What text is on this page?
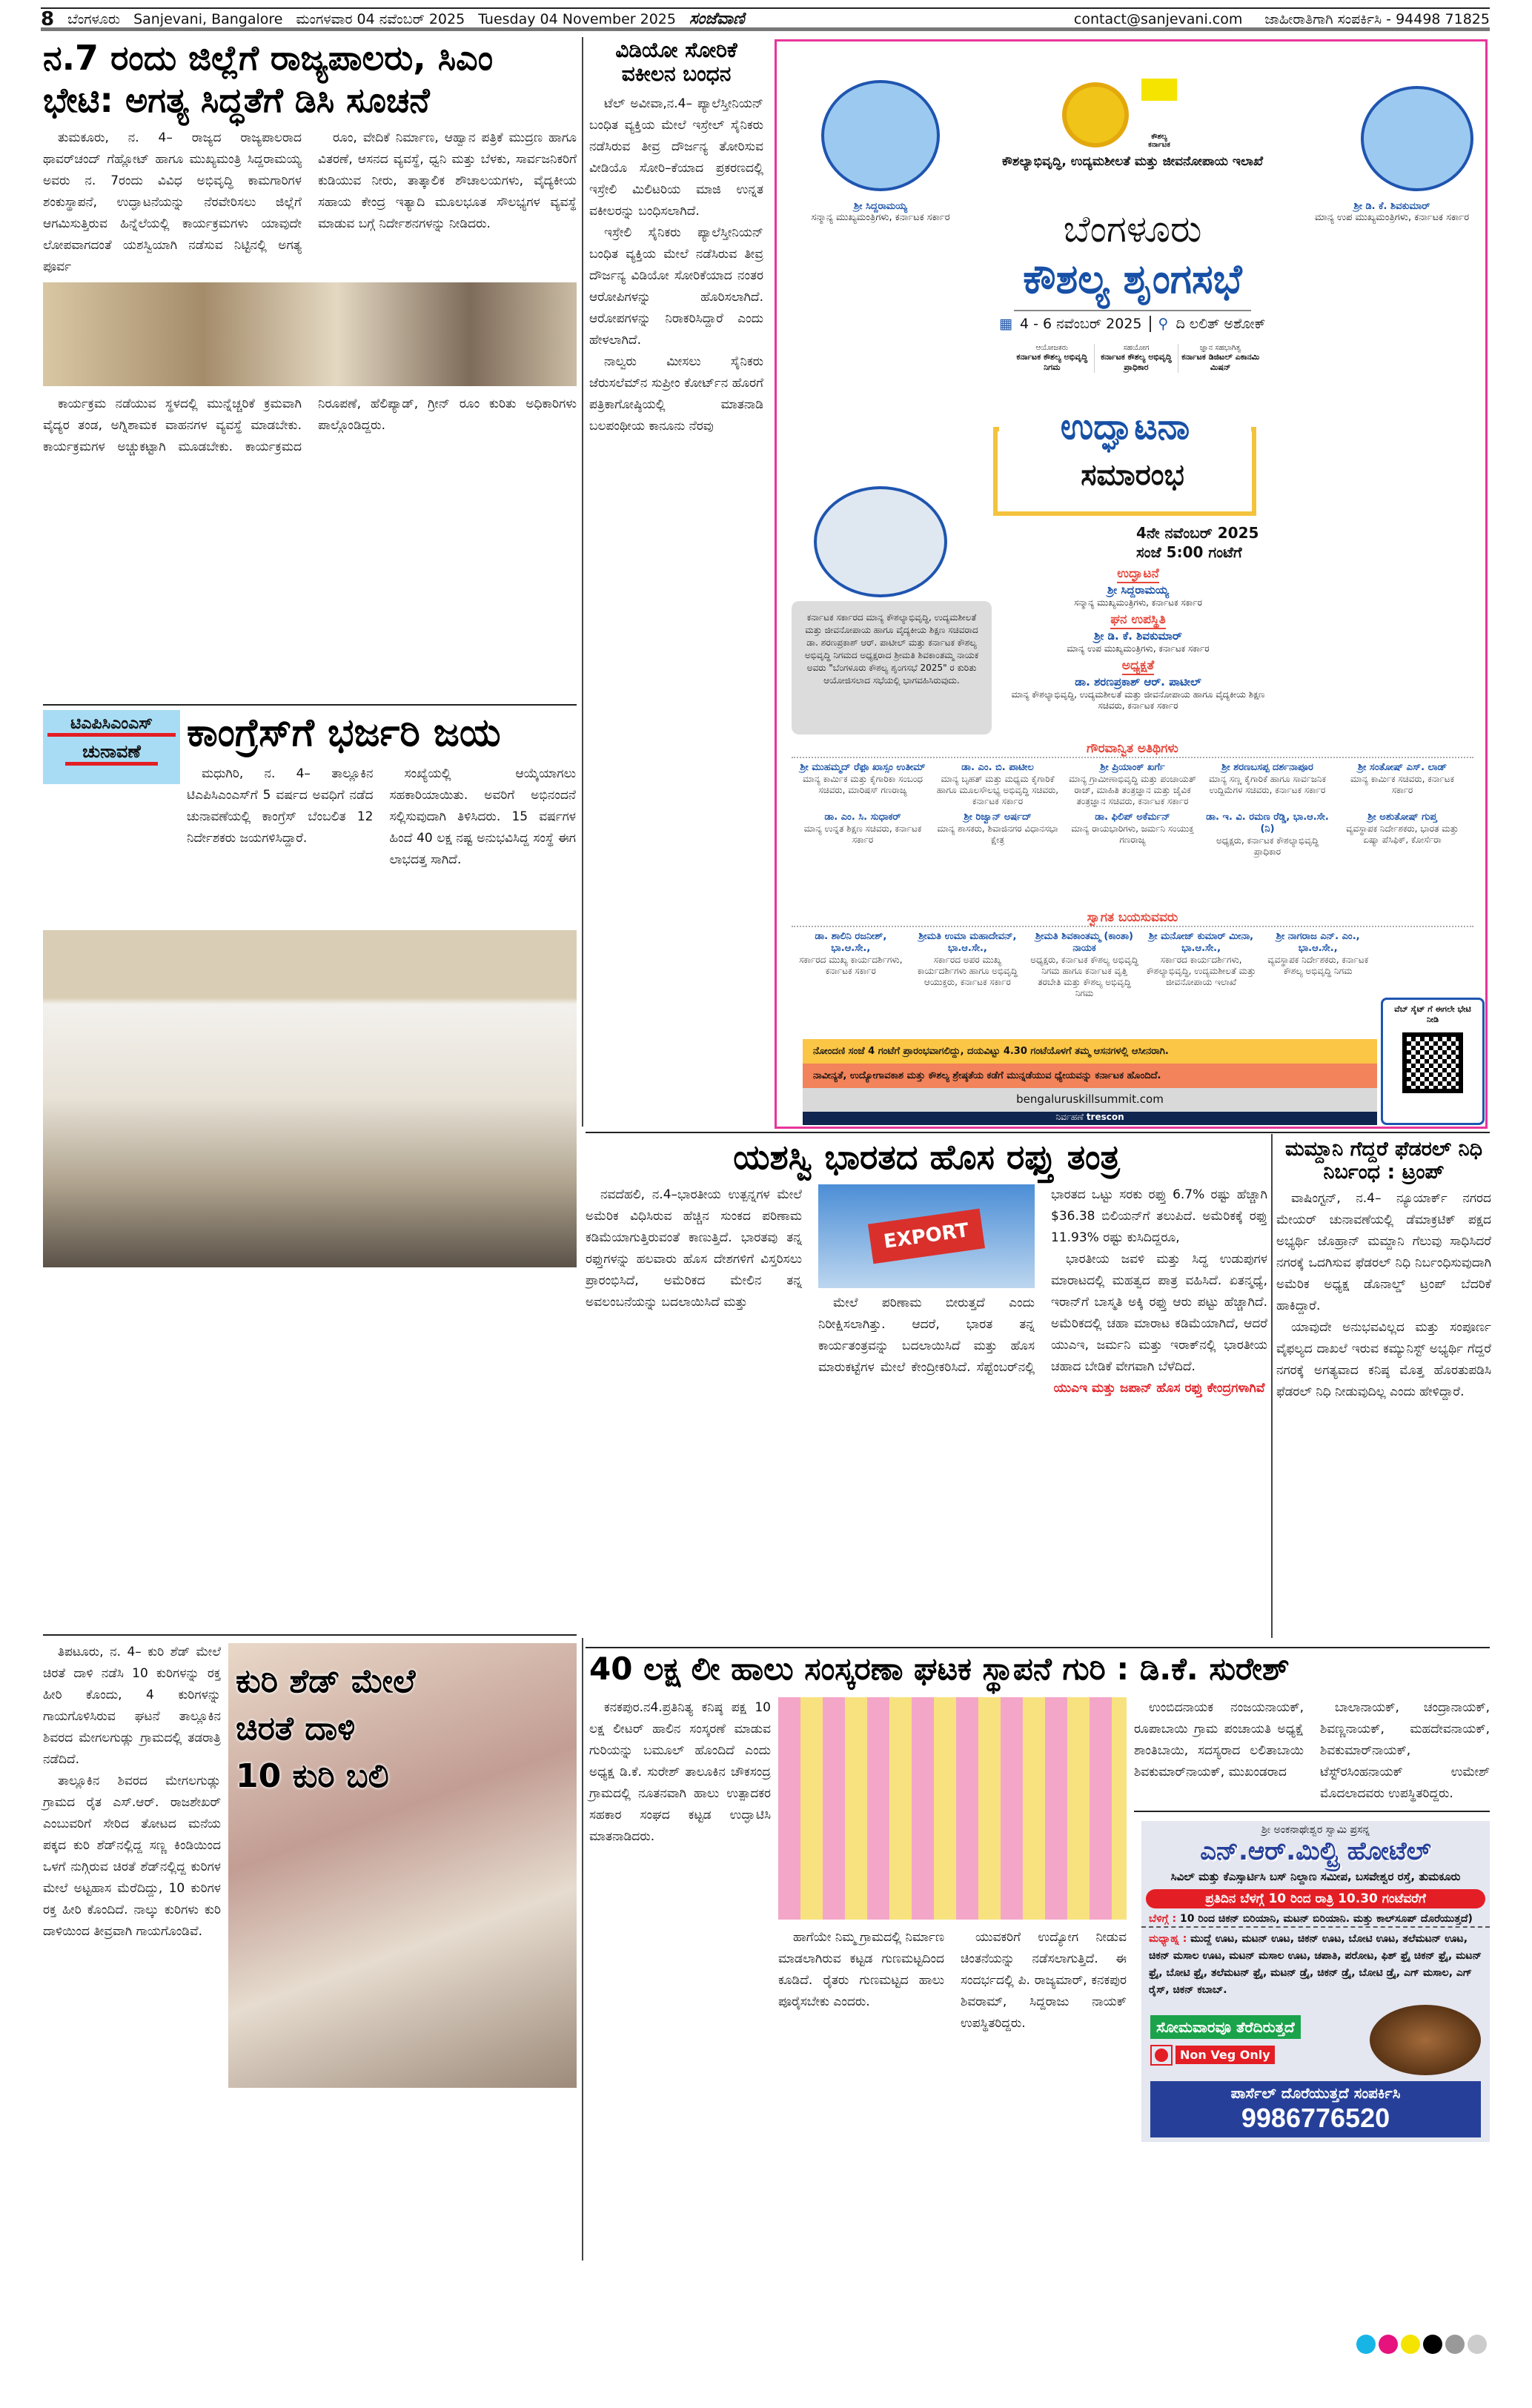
8 ಬೆಂಗಳೂರು Sanjevani, Bangalore ಮಂಗಳವಾರ 04 ನವೆಂಬರ್ 2025 Tuesday 04 November 2025 ಸಂಜೆವಾಣಿ	contact@sanjevani.com ಜಾಹೀರಾತಿಗಾಗಿ ಸಂಪರ್ಕಿಸಿ - 94498 71825
ನ.7 ರಂದು ಜಿಲ್ಲೆಗೆ ರಾಜ್ಯಪಾಲರು, ಸಿಎಂ
ಭೇಟಿ: ಅಗತ್ಯ ಸಿದ್ಧತೆಗೆ ಡಿಸಿ ಸೂಚನೆ

ತುಮಕೂರು, ನ. 4– ರಾಜ್ಯದ ರಾಜ್ಯಪಾಲರಾದ ಥಾವರ್‌ಚಂದ್ ಗೆಹ್ಲೋಟ್ ಹಾಗೂ ಮುಖ್ಯಮಂತ್ರಿ ಸಿದ್ದರಾಮಯ್ಯ ಅವರು ನ. 7ರಂದು ವಿವಿಧ ಅಭಿವೃದ್ಧಿ ಕಾಮಗಾರಿಗಳ ಶಂಕುಸ್ಥಾಪನೆ, ಉದ್ಘಾಟನೆಯನ್ನು ನೆರವೇರಿಸಲು ಜಿಲ್ಲೆಗೆ ಆಗಮಿಸುತ್ತಿರುವ ಹಿನ್ನೆಲೆಯಲ್ಲಿ ಕಾರ್ಯಕ್ರಮಗಳು ಯಾವುದೇ ಲೋಪವಾಗದಂತೆ ಯಶಸ್ವಿಯಾಗಿ ನಡೆಸುವ ನಿಟ್ಟಿನಲ್ಲಿ ಅಗತ್ಯ ಪೂರ್ವ

ರೂಂ, ವೇದಿಕೆ ನಿರ್ಮಾಣ, ಆಹ್ವಾನ ಪತ್ರಿಕೆ ಮುದ್ರಣ ಹಾಗೂ ವಿತರಣೆ, ಆಸನದ ವ್ಯವಸ್ಥೆ, ಧ್ವನಿ ಮತ್ತು ಬೆಳಕು, ಸಾರ್ವಜನಿಕರಿಗೆ ಕುಡಿಯುವ ನೀರು, ತಾತ್ಕಾಲಿಕ ಶೌಚಾಲಯಗಳು, ವೈದ್ಯಕೀಯ ಸಹಾಯ ಕೇಂದ್ರ ಇತ್ಯಾದಿ ಮೂಲಭೂತ ಸೌಲಭ್ಯಗಳ ವ್ಯವಸ್ಥೆ ಮಾಡುವ ಬಗ್ಗೆ ನಿರ್ದೇಶನಗಳನ್ನು ನೀಡಿದರು.

ಕಾರ್ಯಕ್ರಮ ನಡೆಯುವ ಸ್ಥಳದಲ್ಲಿ ಮುನ್ನೆಚ್ಚರಿಕೆ ಕ್ರಮವಾಗಿ ವೈದ್ಯರ ತಂಡ, ಅಗ್ನಿಶಾಮಕ ವಾಹನಗಳ ವ್ಯವಸ್ಥೆ ಮಾಡಬೇಕು. ಕಾರ್ಯಕ್ರಮಗಳ ಅಚ್ಚುಕಟ್ಟಾಗಿ ಮೂಡಬೇಕು. ಕಾರ್ಯಕ್ರಮದ ನಿರೂಪಣೆ, ಹೆಲಿಪ್ಯಾಡ್, ಗ್ರೀನ್ ರೂಂ ಕುರಿತು ಅಧಿಕಾರಿಗಳು ಪಾಲ್ಗೊಂಡಿದ್ದರು.

ವಿಡಿಯೋ ಸೋರಿಕೆ ವಕೀಲನ ಬಂಧನ

ಟೆಲ್ ಅವೀವಾ,ನ.4– ಪ್ಯಾಲೆಸ್ತೀನಿಯನ್ ಬಂಧಿತ ವ್ಯಕ್ತಿಯ ಮೇಲೆ ಇಸ್ರೇಲ್ ಸೈನಿಕರು ನಡೆಸಿರುವ ತೀವ್ರ ದೌರ್ಜನ್ಯ ತೋರಿಸುವ ವೀಡಿಯೊ ಸೋರಿ–ಕೆಯಾದ ಪ್ರಕರಣದಲ್ಲಿ ಇಸ್ರೇಲಿ ಮಿಲಿಟರಿಯ ಮಾಜಿ ಉನ್ನತ ವಕೀಲರನ್ನು ಬಂಧಿಸಲಾಗಿದೆ.

ಇಸ್ರೇಲಿ ಸೈನಿಕರು ಪ್ಯಾಲೆಸ್ತೀನಿಯನ್ ಬಂಧಿತ ವ್ಯಕ್ತಿಯ ಮೇಲೆ ನಡೆಸಿರುವ ತೀವ್ರ ದೌರ್ಜನ್ಯ ವಿಡಿಯೋ ಸೋರಿಕೆಯಾದ ನಂತರ ಆರೋಪಿಗಳನ್ನು ಹೊರಿಸಲಾಗಿದೆ. ಆರೋಪಗಳನ್ನು ನಿರಾಕರಿಸಿದ್ದಾರೆ ಎಂದು ಹೇಳಲಾಗಿದೆ.

ನಾಲ್ವರು ಮೀಸಲು ಸೈನಿಕರು ಜೆರುಸಲೆಮ್‌ನ ಸುಪ್ರೀಂ ಕೋರ್ಟ್‌ನ ಹೊರಗೆ ಪತ್ರಿಕಾಗೋಷ್ಠಿಯಲ್ಲಿ ಮಾತನಾಡಿ ಬಲಪಂಥೀಯ ಕಾನೂನು ನೆರವು

ಶ್ರೀ ಸಿದ್ದರಾಮಯ್ಯ
ಸನ್ಮಾನ್ಯ ಮುಖ್ಯಮಂತ್ರಿಗಳು, ಕರ್ನಾಟಕ ಸರ್ಕಾರ
ಶ್ರೀ ಡಿ. ಕೆ. ಶಿವಕುಮಾರ್
ಮಾನ್ಯ ಉಪ ಮುಖ್ಯಮಂತ್ರಿಗಳು, ಕರ್ನಾಟಕ ಸರ್ಕಾರ
ಕೌಶಲ್ಯ ಕರ್ನಾಟಕ
ಕೌಶಲ್ಯಾಭಿವೃದ್ಧಿ, ಉದ್ಯಮಶೀಲತೆ ಮತ್ತು ಜೀವನೋಪಾಯ ಇಲಾಖೆ
ಬೆಂಗಳೂರು
ಕೌಶಲ್ಯ ಶೃಂಗಸಭೆ
▦ 4 - 6 ನವೆಂಬರ್ 2025 ⚲ ದಿ ಲಲಿತ್ ಅಶೋಕ್
ಆಯೋಜಕರು
ಕರ್ನಾಟಕ ಕೌಶಲ್ಯ ಅಭಿವೃದ್ಧಿ ನಿಗಮ
ಸಹಯೋಗ
ಕರ್ನಾಟಕ ಕೌಶಲ್ಯ ಅಭಿವೃದ್ಧಿ ಪ್ರಾಧಿಕಾರ
ಜ್ಞಾನ ಸಹಭಾಗಿತ್ವ
ಕರ್ನಾಟಕ ಡಿಜಿಟಲ್ ಎಕಾನಮಿ ಮಿಷನ್
ಉದ್ಘಾಟನಾ
ಸಮಾರಂಭ
4ನೇ ನವೆಂಬರ್ 2025
ಸಂಜೆ 5:00 ಗಂಟೆಗೆ
ಕರ್ನಾಟಕ ಸರ್ಕಾರದ ಮಾನ್ಯ ಕೌಶಲ್ಯಾಭಿವೃದ್ಧಿ, ಉದ್ಯಮಶೀಲತೆ ಮತ್ತು ಜೀವನೋಪಾಯ ಹಾಗೂ ವೈದ್ಯಕೀಯ ಶಿಕ್ಷಣ ಸಚಿವರಾದ ಡಾ. ಶರಣಪ್ರಕಾಶ್ ಆರ್. ಪಾಟೀಲ್ ಮತ್ತು ಕರ್ನಾಟಕ ಕೌಶಲ್ಯ ಅಭಿವೃದ್ಧಿ ನಿಗಮದ ಅಧ್ಯಕ್ಷರಾದ ಶ್ರೀಮತಿ ಶಿವಕಾಂತಮ್ಮ ನಾಯಕ ಅವರು "ಬೆಂಗಳೂರು ಕೌಶಲ್ಯ ಶೃಂಗಸಭೆ 2025" ರ ಕುರಿತು ಆಯೋಜಿಸಲಾದ ಸಭೆಯಲ್ಲಿ ಭಾಗವಹಿಸಿರುವುದು.
ಉದ್ಘಾಟನೆ
ಶ್ರೀ ಸಿದ್ದರಾಮಯ್ಯ
ಸನ್ಮಾನ್ಯ ಮುಖ್ಯಮಂತ್ರಿಗಳು, ಕರ್ನಾಟಕ ಸರ್ಕಾರ
ಘನ ಉಪಸ್ಥಿತಿ
ಶ್ರೀ ಡಿ. ಕೆ. ಶಿವಕುಮಾರ್
ಮಾನ್ಯ ಉಪ ಮುಖ್ಯಮಂತ್ರಿಗಳು, ಕರ್ನಾಟಕ ಸರ್ಕಾರ
ಅಧ್ಯಕ್ಷತೆ
ಡಾ. ಶರಣಪ್ರಕಾಶ್ ಆರ್. ಪಾಟೀಲ್
ಮಾನ್ಯ ಕೌಶಲ್ಯಾಭಿವೃದ್ಧಿ, ಉದ್ಯಮಶೀಲತೆ ಮತ್ತು ಜೀವನೋಪಾಯ ಹಾಗೂ ವೈದ್ಯಕೀಯ ಶಿಕ್ಷಣ ಸಚಿವರು, ಕರ್ನಾಟಕ ಸರ್ಕಾರ
ಗೌರವಾನ್ವಿತ ಅತಿಥಿಗಳು
ಶ್ರೀ ಮುಹಮ್ಮದ್ ರೆಫ಼ಾ ಖಾಸ್ಸಂ ಉತೀಮ್
ಮಾನ್ಯ ಕಾರ್ಮಿಕ ಮತ್ತು ಕೈಗಾರಿಕಾ ಸಂಬಂಧ ಸಚಿವರು, ಮಾರಿಷಸ್ ಗಣರಾಜ್ಯ
ಡಾ. ಎಂ. ಬಿ. ಪಾಟೀಲ
ಮಾನ್ಯ ಬೃಹತ್ ಮತ್ತು ಮಧ್ಯಮ ಕೈಗಾರಿಕೆ ಹಾಗೂ ಮೂಲಸೌಲಭ್ಯ ಅಭಿವೃದ್ಧಿ ಸಚಿವರು, ಕರ್ನಾಟಕ ಸರ್ಕಾರ
ಶ್ರೀ ಪ್ರಿಯಾಂಕ್ ಖರ್ಗೆ
ಮಾನ್ಯ ಗ್ರಾಮೀಣಾಭಿವೃದ್ಧಿ ಮತ್ತು ಪಂಚಾಯತ್ ರಾಜ್, ಮಾಹಿತಿ ತಂತ್ರಜ್ಞಾನ ಮತ್ತು ಜೈವಿಕ ತಂತ್ರಜ್ಞಾನ ಸಚಿವರು, ಕರ್ನಾಟಕ ಸರ್ಕಾರ
ಶ್ರೀ ಶರಣಬಸಪ್ಪ ದರ್ಶನಾಪೂರ
ಮಾನ್ಯ ಸಣ್ಣ ಕೈಗಾರಿಕೆ ಹಾಗೂ ಸಾರ್ವಜನಿಕ ಉದ್ದಿಮೆಗಳ ಸಚಿವರು, ಕರ್ನಾಟಕ ಸರ್ಕಾರ
ಶ್ರೀ ಸಂತೋಷ್ ಎಸ್. ಲಾಡ್
ಮಾನ್ಯ ಕಾರ್ಮಿಕ ಸಚಿವರು, ಕರ್ನಾಟಕ ಸರ್ಕಾರ
ಡಾ. ಎಂ. ಸಿ. ಸುಧಾಕರ್
ಮಾನ್ಯ ಉನ್ನತ ಶಿಕ್ಷಣ ಸಚಿವರು, ಕರ್ನಾಟಕ ಸರ್ಕಾರ
ಶ್ರೀ ರಿಜ್ವಾನ್ ಅರ್ಷದ್
ಮಾನ್ಯ ಶಾಸಕರು, ಶಿವಾಜಿನಗರ ವಿಧಾನಸಭಾ ಕ್ಷೇತ್ರ
ಡಾ. ಫಿಲಿಪ್ ಅಕೆರ್ಮನ್
ಮಾನ್ಯ ರಾಯಭಾರಿಗಳು, ಜರ್ಮನಿ ಸಂಯುಕ್ತ ಗಣರಾಜ್ಯ
ಡಾ. ಇ. ವಿ. ರಮಣ ರೆಡ್ಡಿ, ಭಾ.ಆ.ಸೇ. (ನಿ)
ಅಧ್ಯಕ್ಷರು, ಕರ್ನಾಟಕ ಕೌಶಲ್ಯಾಭಿವೃದ್ಧಿ ಪ್ರಾಧಿಕಾರ
ಶ್ರೀ ಅಶುತೋಷ್ ಗುಪ್ತ
ವ್ಯವಸ್ಥಾಪಕ ನಿರ್ದೇಶಕರು, ಭಾರತ ಮತ್ತು ಏಷ್ಯಾ ಪೆಸಿಫಿಕ್, ಕೋರ್ಸೆರಾ
ಸ್ವಾಗತ ಬಯಸುವವರು
ಡಾ. ಶಾಲಿನಿ ರಜನೀಶ್, ಭಾ.ಆ.ಸೇ.,
ಸರ್ಕಾರದ ಮುಖ್ಯ ಕಾರ್ಯದರ್ಶಿಗಳು, ಕರ್ನಾಟಕ ಸರ್ಕಾರ
ಶ್ರೀಮತಿ ಉಮಾ ಮಹಾದೇವನ್, ಭಾ.ಆ.ಸೇ.,
ಸರ್ಕಾರದ ಅಪರ ಮುಖ್ಯ ಕಾರ್ಯದರ್ಶಿಗಳು ಹಾಗೂ ಅಭಿವೃದ್ಧಿ ಆಯುಕ್ತರು, ಕರ್ನಾಟಕ ಸರ್ಕಾರ
ಶ್ರೀಮತಿ ಶಿವಕಾಂತಮ್ಮ (ಕಾಂತಾ) ನಾಯಕ
ಅಧ್ಯಕ್ಷರು, ಕರ್ನಾಟಕ ಕೌಶಲ್ಯ ಅಭಿವೃದ್ಧಿ ನಿಗಮ ಹಾಗೂ ಕರ್ನಾಟಕ ವೃತ್ತಿ ತರಬೇತಿ ಮತ್ತು ಕೌಶಲ್ಯ ಅಭಿವೃದ್ಧಿ ನಿಗಮ
ಶ್ರೀ ಮನೋಜ್ ಕುಮಾರ್ ಮೀನಾ, ಭಾ.ಆ.ಸೇ.,
ಸರ್ಕಾರದ ಕಾರ್ಯದರ್ಶಿಗಳು, ಕೌಶಲ್ಯಾಭಿವೃದ್ಧಿ, ಉದ್ಯಮಶೀಲತೆ ಮತ್ತು ಜೀವನೋಪಾಯ ಇಲಾಖೆ
ಶ್ರೀ ನಾಗರಾಜ ಎನ್. ಎಂ., ಭಾ.ಆ.ಸೇ.,
ವ್ಯವಸ್ಥಾಪಕ ನಿರ್ದೇಶಕರು, ಕರ್ನಾಟಕ ಕೌಶಲ್ಯ ಅಭಿವೃದ್ಧಿ ನಿಗಮ
ನೋಂದಣಿ ಸಂಜೆ 4 ಗಂಟೆಗೆ ಪ್ರಾರಂಭವಾಗಲಿದ್ದು, ದಯವಿಟ್ಟು 4.30 ಗಂಟೆಯೊಳಗೆ ತಮ್ಮ ಆಸನಗಳಲ್ಲಿ ಆಸೀನರಾಗಿ.
ನಾವೀನ್ಯತೆ, ಉದ್ಯೋಗಾವಕಾಶ ಮತ್ತು ಕೌಶಲ್ಯ ಶ್ರೇಷ್ಠತೆಯ ಕಡೆಗೆ ಮುನ್ನಡೆಯುವ ಧ್ಯೇಯವನ್ನು ಕರ್ನಾಟಕ ಹೊಂದಿದೆ.
bengaluruskillsummit.com
ನಿರ್ವಹಣೆ trescon
ವೆಬ್ ಸೈಟ್ ಗೆ ಈಗಲೇ ಭೇಟಿ ನೀಡಿ
ಟಿಎಪಿಸಿಎಂಎಸ್
ಚುನಾವಣೆ	ಕಾಂಗ್ರೆಸ್‌ಗೆ ಭರ್ಜರಿ ಜಯ

ಮಧುಗಿರಿ, ನ. 4– ತಾಲ್ಲೂಕಿನ ಟಿಎಪಿಸಿಎಂಎಸ್‌ಗೆ 5 ವರ್ಷದ ಅವಧಿಗೆ ನಡೆದ ಚುನಾವಣೆಯಲ್ಲಿ ಕಾಂಗ್ರೆಸ್ ಬೆಂಬಲಿತ 12 ನಿರ್ದೇಶಕರು ಜಯಗಳಿಸಿದ್ದಾರೆ.

ಸಂಖ್ಯೆಯಲ್ಲಿ ಆಯ್ಕೆಯಾಗಲು ಸಹಕಾರಿಯಾಯಿತು. ಅವರಿಗೆ ಅಭಿನಂದನೆ ಸಲ್ಲಿಸುವುದಾಗಿ ತಿಳಿಸಿದರು. 15 ವರ್ಷಗಳ ಹಿಂದೆ 40 ಲಕ್ಷ ನಷ್ಟ ಅನುಭವಿಸಿದ್ದ ಸಂಸ್ಥೆ ಈಗ ಲಾಭದತ್ತ ಸಾಗಿದೆ.

ಯಶಸ್ವಿ ಭಾರತದ ಹೊಸ ರಫ್ತು ತಂತ್ರ

ನವದೆಹಲಿ, ನ.4–ಭಾರತೀಯ ಉತ್ಪನ್ನಗಳ ಮೇಲೆ ಅಮೆರಿಕ ವಿಧಿಸಿರುವ ಹೆಚ್ಚಿನ ಸುಂಕದ ಪರಿಣಾಮ ಕಡಿಮೆಯಾಗುತ್ತಿರುವಂತೆ ಕಾಣುತ್ತಿದೆ. ಭಾರತವು ತನ್ನ ರಫ್ತುಗಳನ್ನು ಹಲವಾರು ಹೊಸ ದೇಶಗಳಿಗೆ ವಿಸ್ತರಿಸಲು ಪ್ರಾರಂಭಿಸಿದೆ, ಅಮೆರಿಕದ ಮೇಲಿನ ತನ್ನ ಅವಲಂಬನೆಯನ್ನು ಬದಲಾಯಿಸಿದೆ ಮತ್ತು

EXPORT

ಮೇಲೆ ಪರಿಣಾಮ ಬೀರುತ್ತದೆ ಎಂದು ನಿರೀಕ್ಷಿಸಲಾಗಿತ್ತು. ಆದರೆ, ಭಾರತ ತನ್ನ ಕಾರ್ಯತಂತ್ರವನ್ನು ಬದಲಾಯಿಸಿದೆ ಮತ್ತು ಹೊಸ ಮಾರುಕಟ್ಟೆಗಳ ಮೇಲೆ ಕೇಂದ್ರೀಕರಿಸಿದೆ. ಸೆಪ್ಟೆಂಬರ್‌ನಲ್ಲಿ ಭಾರತದ ಒಟ್ಟು ಸರಕು ರಫ್ತು 6.7% ರಷ್ಟು ಹೆಚ್ಚಾಗಿ $36.38 ಬಿಲಿಯನ್‌ಗೆ ತಲುಪಿದೆ. ಅಮೆರಿಕಕ್ಕೆ ರಫ್ತು 11.93% ರಷ್ಟು ಕುಸಿದಿದ್ದರೂ,

ಭಾರತೀಯ ಜವಳಿ ಮತ್ತು ಸಿದ್ಧ ಉಡುಪುಗಳ ಮಾರಾಟದಲ್ಲಿ ಮಹತ್ವದ ಪಾತ್ರ ವಹಿಸಿದೆ. ಏತನ್ಮಧ್ಯೆ, ಇರಾನ್‌ಗೆ ಬಾಸ್ಮತಿ ಅಕ್ಕಿ ರಫ್ತು ಆರು ಪಟ್ಟು ಹೆಚ್ಚಾಗಿದೆ. ಅಮೆರಿಕದಲ್ಲಿ ಚಹಾ ಮಾರಾಟ ಕಡಿಮೆಯಾಗಿದೆ, ಆದರೆ ಯುಎಇ, ಜರ್ಮನಿ ಮತ್ತು ಇರಾಕ್‌ನಲ್ಲಿ ಭಾರತೀಯ ಚಹಾದ ಬೇಡಿಕೆ ವೇಗವಾಗಿ ಬೆಳೆದಿದೆ.

ಯುಎಇ ಮತ್ತು ಜಪಾನ್ ಹೊಸ ರಫ್ತು ಕೇಂದ್ರಗಳಾಗಿವೆ

ಮಮ್ದಾನಿ ಗೆದ್ದರೆ ಫೆಡರಲ್ ನಿಧಿ ನಿರ್ಬಂಧ : ಟ್ರಂಪ್

ವಾಷಿಂಗ್ಟನ್, ನ.4– ನ್ಯೂಯಾರ್ಕ್ ನಗರದ ಮೇಯರ್ ಚುನಾವಣೆಯಲ್ಲಿ ಡೆಮಾಕ್ರಟಿಕ್ ಪಕ್ಷದ ಅಭ್ಯರ್ಥಿ ಜೊಹ್ರಾನ್ ಮಮ್ದಾನಿ ಗೆಲುವು ಸಾಧಿಸಿದರೆ ನಗರಕ್ಕೆ ಒದಗಿಸುವ ಫೆಡರಲ್ ನಿಧಿ ನಿರ್ಬಂಧಿಸುವುದಾಗಿ ಅಮೆರಿಕ ಅಧ್ಯಕ್ಷ ಡೊನಾಲ್ಡ್ ಟ್ರಂಪ್ ಬೆದರಿಕೆ ಹಾಕಿದ್ದಾರೆ.

ಯಾವುದೇ ಅನುಭವವಿಲ್ಲದ ಮತ್ತು ಸಂಪೂರ್ಣ ವೈಫಲ್ಯದ ದಾಖಲೆ ಇರುವ ಕಮ್ಯುನಿಸ್ಟ್ ಅಭ್ಯರ್ಥಿ ಗೆದ್ದರೆ ನಗರಕ್ಕೆ ಅಗತ್ಯವಾದ ಕನಿಷ್ಠ ಮೊತ್ತ ಹೊರತುಪಡಿಸಿ ಫೆಡರಲ್ ನಿಧಿ ನೀಡುವುದಿಲ್ಲ ಎಂದು ಹೇಳಿದ್ದಾರೆ.

ತಿಪಟೂರು, ನ. 4– ಕುರಿ ಶೆಡ್ ಮೇಲೆ ಚಿರತೆ ದಾಳಿ ನಡೆಸಿ 10 ಕುರಿಗಳನ್ನು ರಕ್ತ ಹೀರಿ ಕೊಂದು, 4 ಕುರಿಗಳನ್ನು ಗಾಯಗೊಳಿಸಿರುವ ಘಟನೆ ತಾಲ್ಲೂಕಿನ ಶಿವರದ ಮೇಗಲಗುಡ್ಲು ಗ್ರಾಮದಲ್ಲಿ ತಡರಾತ್ರಿ ನಡೆದಿದೆ.

ತಾಲ್ಲೂಕಿನ ಶಿವರದ ಮೇಗಲಗುಡ್ಲು ಗ್ರಾಮದ ರೈತ ಎಸ್.ಆರ್. ರಾಜಶೇಖರ್ ಎಂಬುವರಿಗೆ ಸೇರಿದ ತೋಟದ ಮನೆಯ ಪಕ್ಕದ ಕುರಿ ಶೆಡ್‌ನಲ್ಲಿದ್ದ ಸಣ್ಣ ಕಿಂಡಿಯಿಂದ ಒಳಗೆ ನುಗ್ಗಿರುವ ಚಿರತೆ ಶೆಡ್‌ನಲ್ಲಿದ್ದ ಕುರಿಗಳ ಮೇಲೆ ಅಟ್ಟಹಾಸ ಮೆರೆದಿದ್ದು, 10 ಕುರಿಗಳ ರಕ್ತ ಹೀರಿ ಕೊಂದಿದೆ. ನಾಲ್ಕು ಕುರಿಗಳು ಕುರಿ ದಾಳಿಯಿಂದ ತೀವ್ರವಾಗಿ ಗಾಯಗೊಂಡಿವೆ.

ಕುರಿ ಶೆಡ್ ಮೇಲೆ
ಚಿರತೆ ದಾಳಿ
10 ಕುರಿ ಬಲಿ
40 ಲಕ್ಷ ಲೀ ಹಾಲು ಸಂಸ್ಕರಣಾ ಘಟಕ ಸ್ಥಾಪನೆ ಗುರಿ : ಡಿ.ಕೆ. ಸುರೇಶ್

ಕನಕಪುರ.ನ4.ಪ್ರತಿನಿತ್ಯ ಕನಿಷ್ಠ ಪಕ್ಷ 10 ಲಕ್ಷ ಲೀಟರ್ ಹಾಲಿನ ಸಂಸ್ಕರಣೆ ಮಾಡುವ ಗುರಿಯನ್ನು ಬಮೂಲ್ ಹೊಂದಿದೆ ಎಂದು ಅಧ್ಯಕ್ಷ ಡಿ.ಕೆ. ಸುರೇಶ್ ತಾಲೂಕಿನ ಚೌಕಸಂದ್ರ ಗ್ರಾಮದಲ್ಲಿ ನೂತನವಾಗಿ ಹಾಲು ಉತ್ಪಾದಕರ ಸಹಕಾರ ಸಂಘದ ಕಟ್ಟಡ ಉದ್ಘಾಟಿಸಿ ಮಾತನಾಡಿದರು.

ಹಾಗೆಯೇ ನಿಮ್ಮ ಗ್ರಾಮದಲ್ಲಿ ನಿರ್ಮಾಣ ಮಾಡಲಾಗಿರುವ ಕಟ್ಟಡ ಗುಣಮಟ್ಟದಿಂದ ಕೂಡಿದೆ. ರೈತರು ಗುಣಮಟ್ಟದ ಹಾಲು ಪೂರೈಸಬೇಕು ಎಂದರು.

ಯುವಕರಿಗೆ ಉದ್ಯೋಗ ನೀಡುವ ಚಿಂತನೆಯನ್ನು ನಡೆಸಲಾಗುತ್ತಿದೆ. ಈ ಸಂದರ್ಭದಲ್ಲಿ ಪಿ. ರಾಜ್ಯಮಾರ್, ಕನಕಪುರ ಶಿವರಾಮ್, ಸಿದ್ದರಾಜು ನಾಯಕ್ ಉಪಸ್ಥಿತರಿದ್ದರು.

ಉಂಬಿದನಾಯಕ ನಂಜಯನಾಯಕ್, ರೂಪಾಬಾಯಿ ಗ್ರಾಮ ಪಂಚಾಯತಿ ಅಧ್ಯಕ್ಷೆ ಶಾಂತಿಬಾಯಿ, ಸದಸ್ಯರಾದ ಲಲಿತಾಬಾಯಿ ಶಿವಕುಮಾರ್‌ನಾಯಕ್, ಮುಖಂಡರಾದ

ಬಾಲಾನಾಯಕ್, ಚಂದ್ರಾನಾಯಕ್, ಶಿವಣ್ಣನಾಯಕ್, ಮಹದೇವನಾಯಕ್, ಶಿವಕುಮಾರ್‌ನಾಯಕ್, ಟೆಸ್ಟ್‌ರಸಿಂಹನಾಯಕ್ ಉಮೇಶ್ ಮೊದಲಾದವರು ಉಪಸ್ಥಿತರಿದ್ದರು.

ಶ್ರೀ ಅಂಕನಾಥೇಶ್ವರ ಸ್ವಾಮಿ ಪ್ರಸನ್ನ
ಎನ್.ಆರ್.ಮಿಲ್ಟ್ರಿ ಹೋಟೆಲ್
ಸಿವಿಲ್ ಮತ್ತು ಕೆಎಸ್ಸಾರ್ಟಿಸಿ ಬಸ್ ನಿಲ್ದಾಣ ಸಮೀಪ, ಬಸವೇಶ್ವರ ರಸ್ತೆ, ತುಮಕೂರು
ಪ್ರತಿದಿನ ಬೆಳಗ್ಗೆ 10 ರಿಂದ ರಾತ್ರಿ 10.30 ಗಂಟೆವರೆಗೆ
ಬೆಳಿಗ್ಗೆ : 10 ರಿಂದ ಚಿಕನ್ ಬಿರಿಯಾನಿ, ಮಟನ್ ಬಿರಿಯಾನಿ. ಮತ್ತು ಕಾಲ್‌ಸೂಪ್ ದೊರೆಯುತ್ತದೆ)
ಮಧ್ಯಾಹ್ನ : ಮುದ್ದೆ ಊಟ, ಮಟನ್ ಊಟ, ಚಿಕನ್ ಊಟ, ಬೋಟಿ ಊಟ, ತಲೆಮಟನ್ ಊಟ, ಚಿಕನ್ ಮಸಾಲ ಊಟ, ಮಟನ್ ಮಸಾಲ ಊಟ, ಚಪಾತಿ, ಪರೋಟ, ಫಿಶ್ ಫ್ರೈ ಚಿಕನ್ ಫ್ರೈ, ಮಟನ್ ಫ್ರೈ, ಬೋಟಿ ಫ್ರೈ, ತಲೆಮಟನ್ ಫ್ರೈ, ಮಟನ್ ಡ್ರೈ, ಚಿಕನ್ ಡ್ರೈ, ಬೋಟಿ ಡ್ರೈ, ಎಗ್ ಮಸಾಲ, ಎಗ್ ರೈಸ್, ಚಿಕನ್ ಕಬಾಬ್.
ಸೋಮವಾರವೂ ತೆರೆದಿರುತ್ತದೆ
Non Veg Only
ಪಾರ್ಸೆಲ್ ದೊರೆಯುತ್ತದೆ ಸಂಪರ್ಕಿಸಿ
9986776520
